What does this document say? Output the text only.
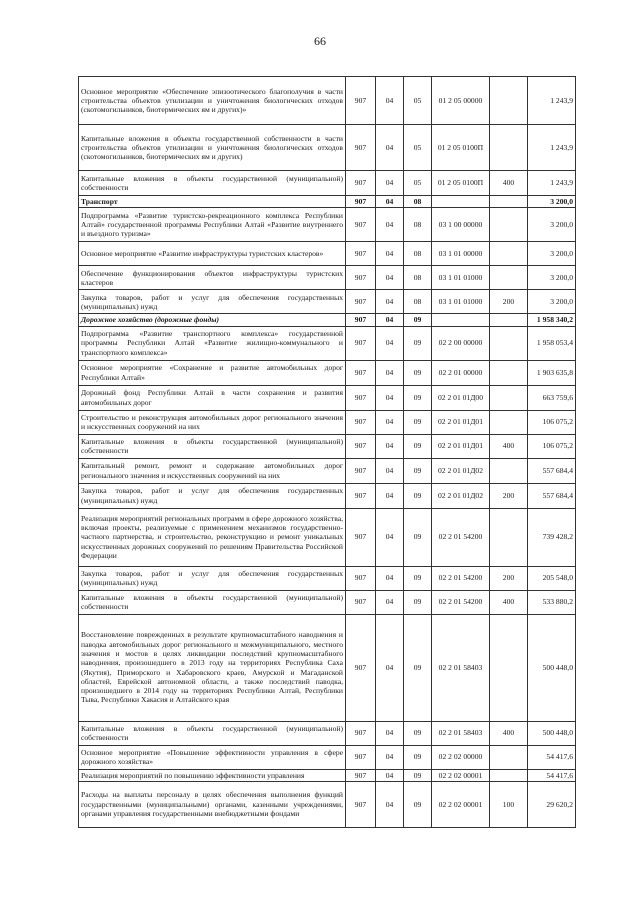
66
Основное мероприятие «Обеспечение эпизоотического благополучия в части строительства объектов утилизации и уничтожения биологических отходов (скотомогильников, биотермических ям и других)»	907	04	05	01 2 05 00000		1 243,9
Капитальные вложения в объекты государственной собственности в части строительства объектов утилизации и уничтожения биологических отходов (скотомогильников, биотермических ям и других)	907	04	05	01 2 05 0100П		1 243,9
Капитальные вложения в объекты государственной (муниципальной) собственности	907	04	05	01 2 05 0100П	400	1 243,9
Транспорт	907	04	08			3 200,0
Подпрограмма «Развитие туристско-рекреационного комплекса Республики Алтай» государственной программы Республики Алтай «Развитие внутреннего и въездного туризма»	907	04	08	03 1 00 00000		3 200,0
Основное мероприятие «Развитие инфраструктуры туристских кластеров»	907	04	08	03 1 01 00000		3 200,0
Обеспечение функционирования объектов инфраструктуры туристских кластеров	907	04	08	03 1 01 01000		3 200,0
Закупка товаров, работ и услуг для обеспечения государственных (муниципальных) нужд	907	04	08	03 1 01 01000	200	3 200,0
Дорожное хозяйство (дорожные фонды)	907	04	09			1 958 340,2
Подпрограмма «Развитие транспортного комплекса» государственной программы Республики Алтай «Развитие жилищно-коммунального и транспортного комплекса»	907	04	09	02 2 00 00000		1 958 053,4
Основное мероприятие «Сохранение и развитие автомобильных дорог Республики Алтай»	907	04	09	02 2 01 00000		1 903 635,8
Дорожный фонд Республики Алтай в части сохранения и развития автомобильных дорог	907	04	09	02 2 01 01Д00		663 759,6
Строительство и реконструкция автомобильных дорог регионального значения и искусственных сооружений на них	907	04	09	02 2 01 01Д01		106 075,2
Капитальные вложения в объекты государственной (муниципальной) собственности	907	04	09	02 2 01 01Д01	400	106 075,2
Капитальный ремонт, ремонт и содержание автомобильных дорог регионального значения и искусственных сооружений на них	907	04	09	02 2 01 01Д02		557 684,4
Закупка товаров, работ и услуг для обеспечения государственных (муниципальных) нужд	907	04	09	02 2 01 01Д02	200	557 684,4
Реализация мероприятий региональных программ в сфере дорожного хозяйства, включая проекты, реализуемые с применением механизмов государственно-частного партнерства, и строительство, реконструкцию и ремонт уникальных искусственных дорожных сооружений по решениям Правительства Российской Федерации	907	04	09	02 2 01 54200		739 428,2
Закупка товаров, работ и услуг для обеспечения государственных (муниципальных) нужд	907	04	09	02 2 01 54200	200	205 548,0
Капитальные вложения в объекты государственной (муниципальной) собственности	907	04	09	02 2 01 54200	400	533 880,2
Восстановление поврежденных в результате крупномасштабного наводнения и паводка автомобильных дорог регионального и межмуниципального, местного значения и мостов в целях ликвидации последствий крупномасштабного наводнения, произошедшего в 2013 году на территориях Республика Саха (Якутия), Приморского и Хабаровского краев, Амурской и Магаданской областей, Еврейской автономной области, а также последствий паводка, произошедшего в 2014 году на территориях Республики Алтай, Республики Тыва, Республики Хакасия и Алтайского края	907	04	09	02 2 01 58403		500 448,0
Капитальные вложения в объекты государственной (муниципальной) собственности	907	04	09	02 2 01 58403	400	500 448,0
Основное мероприятие «Повышение эффективности управления в сфере дорожного хозяйства»	907	04	09	02 2 02 00000		54 417,6
Реализация мероприятий по повышению эффективности управления	907	04	09	02 2 02 00001		54 417,6
Расходы на выплаты персоналу в целях обеспечения выполнения функций государственными (муниципальными) органами, казенными учреждениями, органами управления государственными внебюджетными фондами	907	04	09	02 2 02 00001	100	29 620,2
